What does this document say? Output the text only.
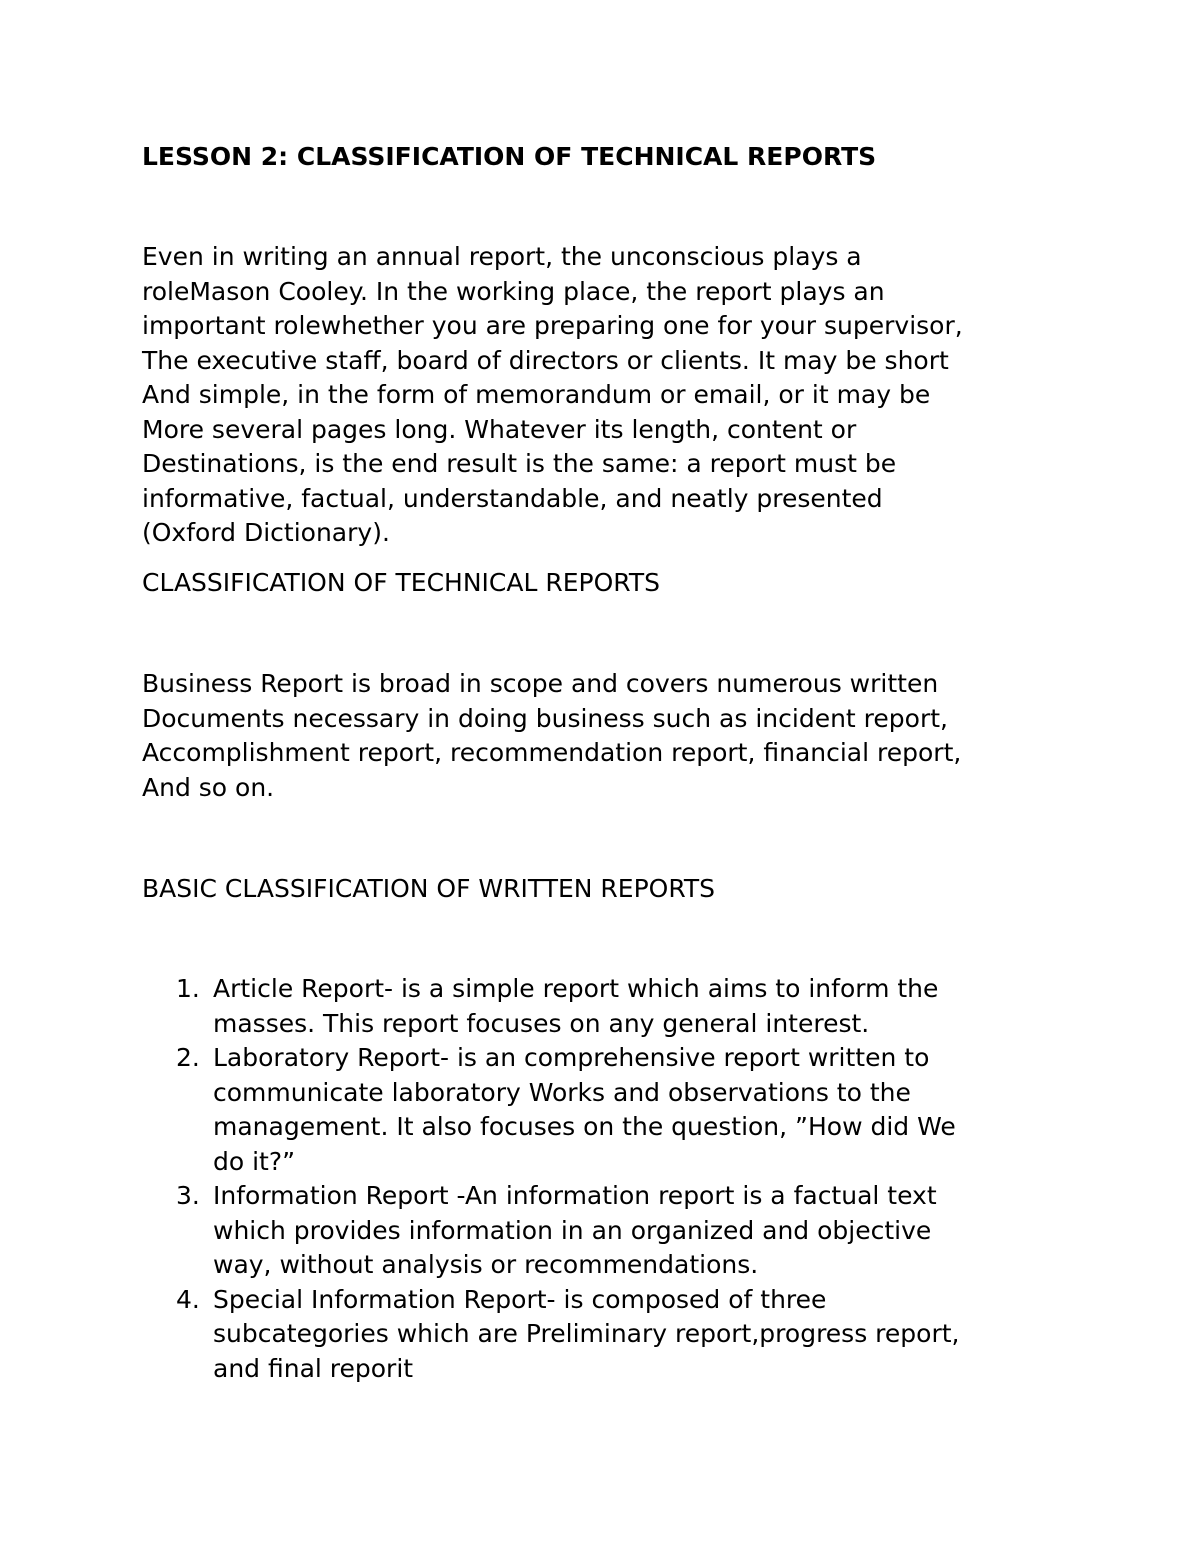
LESSON 2: CLASSIFICATION OF TECHNICAL REPORTS

Even in writing an annual report, the unconscious plays a
roleMason Cooley. In the working place, the report plays an
important rolewhether you are preparing one for your supervisor,
The executive staff, board of directors or clients. It may be short
And simple, in the form of memorandum or email, or it may be
More several pages long. Whatever its length, content or
Destinations, is the end result is the same: a report must be
informative, factual, understandable, and neatly presented
(Oxford Dictionary).

CLASSIFICATION OF TECHNICAL REPORTS

Business Report is broad in scope and covers numerous written
Documents necessary in doing business such as incident report,
Accomplishment report, recommendation report, financial report,
And so on.

BASIC CLASSIFICATION OF WRITTEN REPORTS
1. Article Report- is a simple report which aims to inform the
masses. This report focuses on any general interest.
2. Laboratory Report- is an comprehensive report written to
communicate laboratory Works and observations to the
management. It also focuses on the question, ”How did We
do it?”
3. Information Report -An information report is a factual text
which provides information in an organized and objective
way, without analysis or recommendations.
4. Special Information Report- is composed of three
subcategories which are Preliminary report,progress report,
and final reporit
